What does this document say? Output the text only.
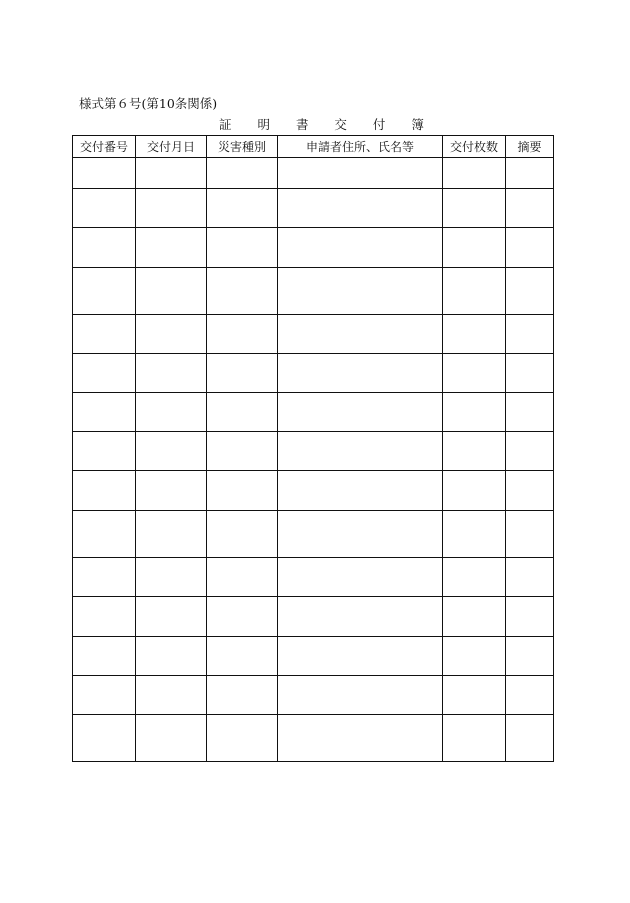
様式第６号(第10条関係)
証 明 書 交 付 簿
交付番号	交付月日	災害種別	申請者住所、氏名等	交付枚数	摘要
